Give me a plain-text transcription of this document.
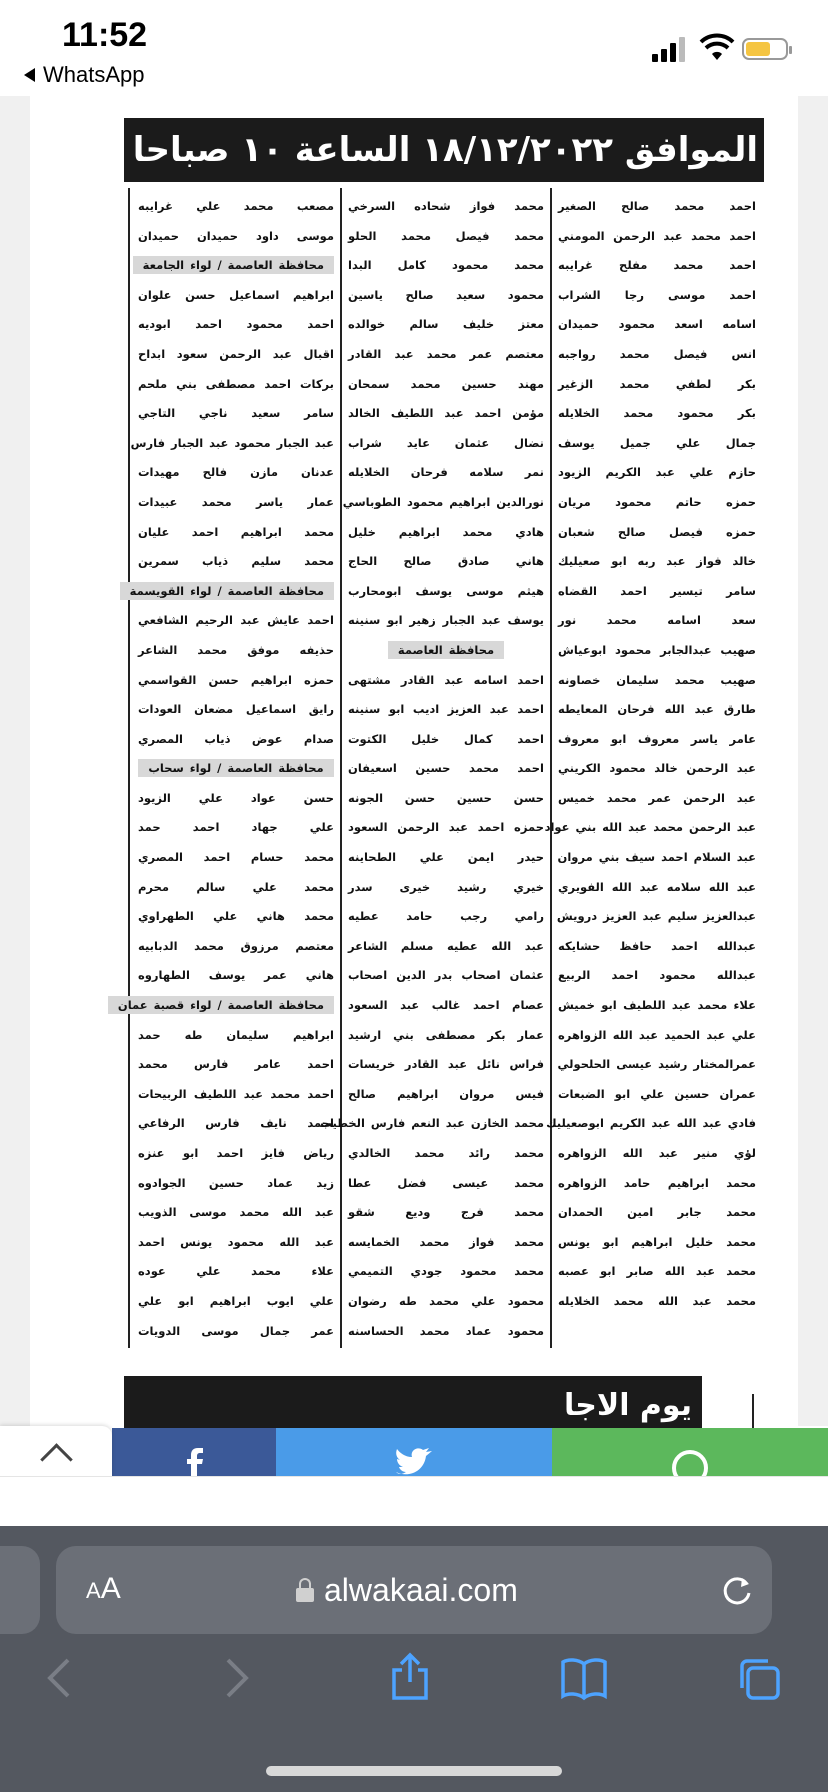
11:52
WhatsApp
الموافق ١٨/١٢/٢٠٢٢ الساعة ١٠ صباحا
احمد محمد صالح الصغير
احمد محمد عبد الرحمن المومني
احمد محمد مفلح غرايبه
احمد موسى رجا الشراب
اسامه اسعد محمود حميدان
انس فيصل محمد رواجبه
بكر لطفي محمد الزغير
بكر محمود محمد الخلايله
جمال علي جميل يوسف
حازم علي عبد الكريم الزيود
حمزه حاتم محمود مريان
حمزه فيصل صالح شعبان
خالد فواز عبد ربه ابو صعيليك
سامر تيسير احمد القضاه
سعد اسامه محمد نور
صهيب عبدالجابر محمود ابوعياش
صهيب محمد سليمان خصاونه
طارق عبد الله فرحان المعايطه
عامر ياسر معروف ابو معروف
عبد الرحمن خالد محمود الكريني
عبد الرحمن عمر محمد خميس
عبد الرحمن محمد عبد الله بني عواد
عبد السلام احمد سيف بني مروان
عبد الله سلامه عبد الله الفويري
عبدالعزيز سليم عبد العزيز درويش
عبدالله احمد حافظ حشايكه
عبدالله محمود احمد الربيع
علاء محمد عبد اللطيف ابو خميش
علي عبد الحميد عبد الله الزواهره
عمرالمختار رشيد عيسى الحلحولي
عمران حسين علي ابو الضبعات
فادي عبد الله عبد الكريم ابوصعيليك
لؤي منير عبد الله الزواهره
محمد ابراهيم حامد الزواهره
محمد جابر امين الحمدان
محمد خليل ابراهيم ابو يونس
محمد عبد الله صابر ابو عصبه
محمد عبد الله محمد الخلايله
محمد فواز شحاده السرخي
محمد فيصل محمد الحلو
محمد محمود كامل البدا
محمود سعيد صالح ياسين
معتز خليف سالم خوالده
معتصم عمر محمد عبد القادر
مهند حسين محمد سمحان
مؤمن احمد عبد اللطيف الخالد
نضال عثمان عايد شراب
نمر سلامه فرحان الخلايله
نورالدين ابراهيم محمود الطوباسي
هادي محمد ابراهيم خليل
هاني صادق صالح الحاج
هيثم موسى يوسف ابومحارب
يوسف عبد الجبار زهير ابو سنينه
محافظة العاصمة
احمد اسامه عبد القادر مشتهى
احمد عبد العزيز اديب ابو سنينه
احمد كمال خليل الكتوت
احمد محمد حسين اسعيفان
حسن حسين حسن الجونه
حمزه احمد عبد الرحمن السعود
حيدر ايمن علي الطحاينه
خيري رشيد خيرى سدر
رامي رجب حامد عطيه
عبد الله عطيه مسلم الشاعر
عثمان اصحاب بدر الدين اصحاب
عصام احمد غالب عبد السعود
عمار بكر مصطفى بني ارشيد
فراس نائل عبد القادر خريسات
فيس مروان ابراهيم صالح
محمد الخازن عبد النعم فارس الخطيب
محمد رائد محمد الخالدي
محمد عيسى فضل عطا
محمد فرج وديع شقو
محمد فواز محمد الخمايسه
محمد محمود جودي التميمي
محمود علي محمد طه رضوان
محمود عماد محمد الحساسنه
مصعب محمد علي غرايبه
موسى داود حميدان حميدان
محافظة العاصمة / لواء الجامعة
ابراهيم اسماعيل حسن علوان
احمد محمود احمد ابوديه
اقبال عبد الرحمن سعود ابداح
بركات احمد مصطفى بني ملحم
سامر سعيد ناجي التاجي
عبد الجبار محمود عبد الجبار فارس
عدنان مازن فالح مهيدات
عمار ياسر محمد عبيدات
محمد ابراهيم احمد عليان
محمد سليم ذياب سمرين
محافظة العاصمة / لواء القويسمة
احمد عايش عبد الرحيم الشافعي
حذيفه موفق محمد الشاعر
حمزه ابراهيم حسن القواسمي
رايق اسماعيل مضعان العودات
صدام عوض ذياب المصري
محافظة العاصمة / لواء سحاب
حسن عواد علي الزيود
علي جهاد احمد حمد
محمد حسام احمد المصري
محمد علي سالم محرم
محمد هاني علي الطهراوي
معتصم مرزوق محمد الدبابيه
هاني عمر يوسف الطهاروه
محافظة العاصمة / لواء قصبة عمان
ابراهيم سليمان طه حمد
احمد عامر فارس محمد
احمد محمد عبد اللطيف الربيحات
احمد نايف فارس الرفاعي
رياض فايز احمد ابو عنزه
زيد عماد حسين الجوادوه
عبد الله محمد موسى الذويب
عبد الله محمود يونس احمد
علاء محمد علي عوده
علي ايوب ابراهيم ابو علي
عمر جمال موسى الدويات
يوم الاجا
AA	alwakaai.com
